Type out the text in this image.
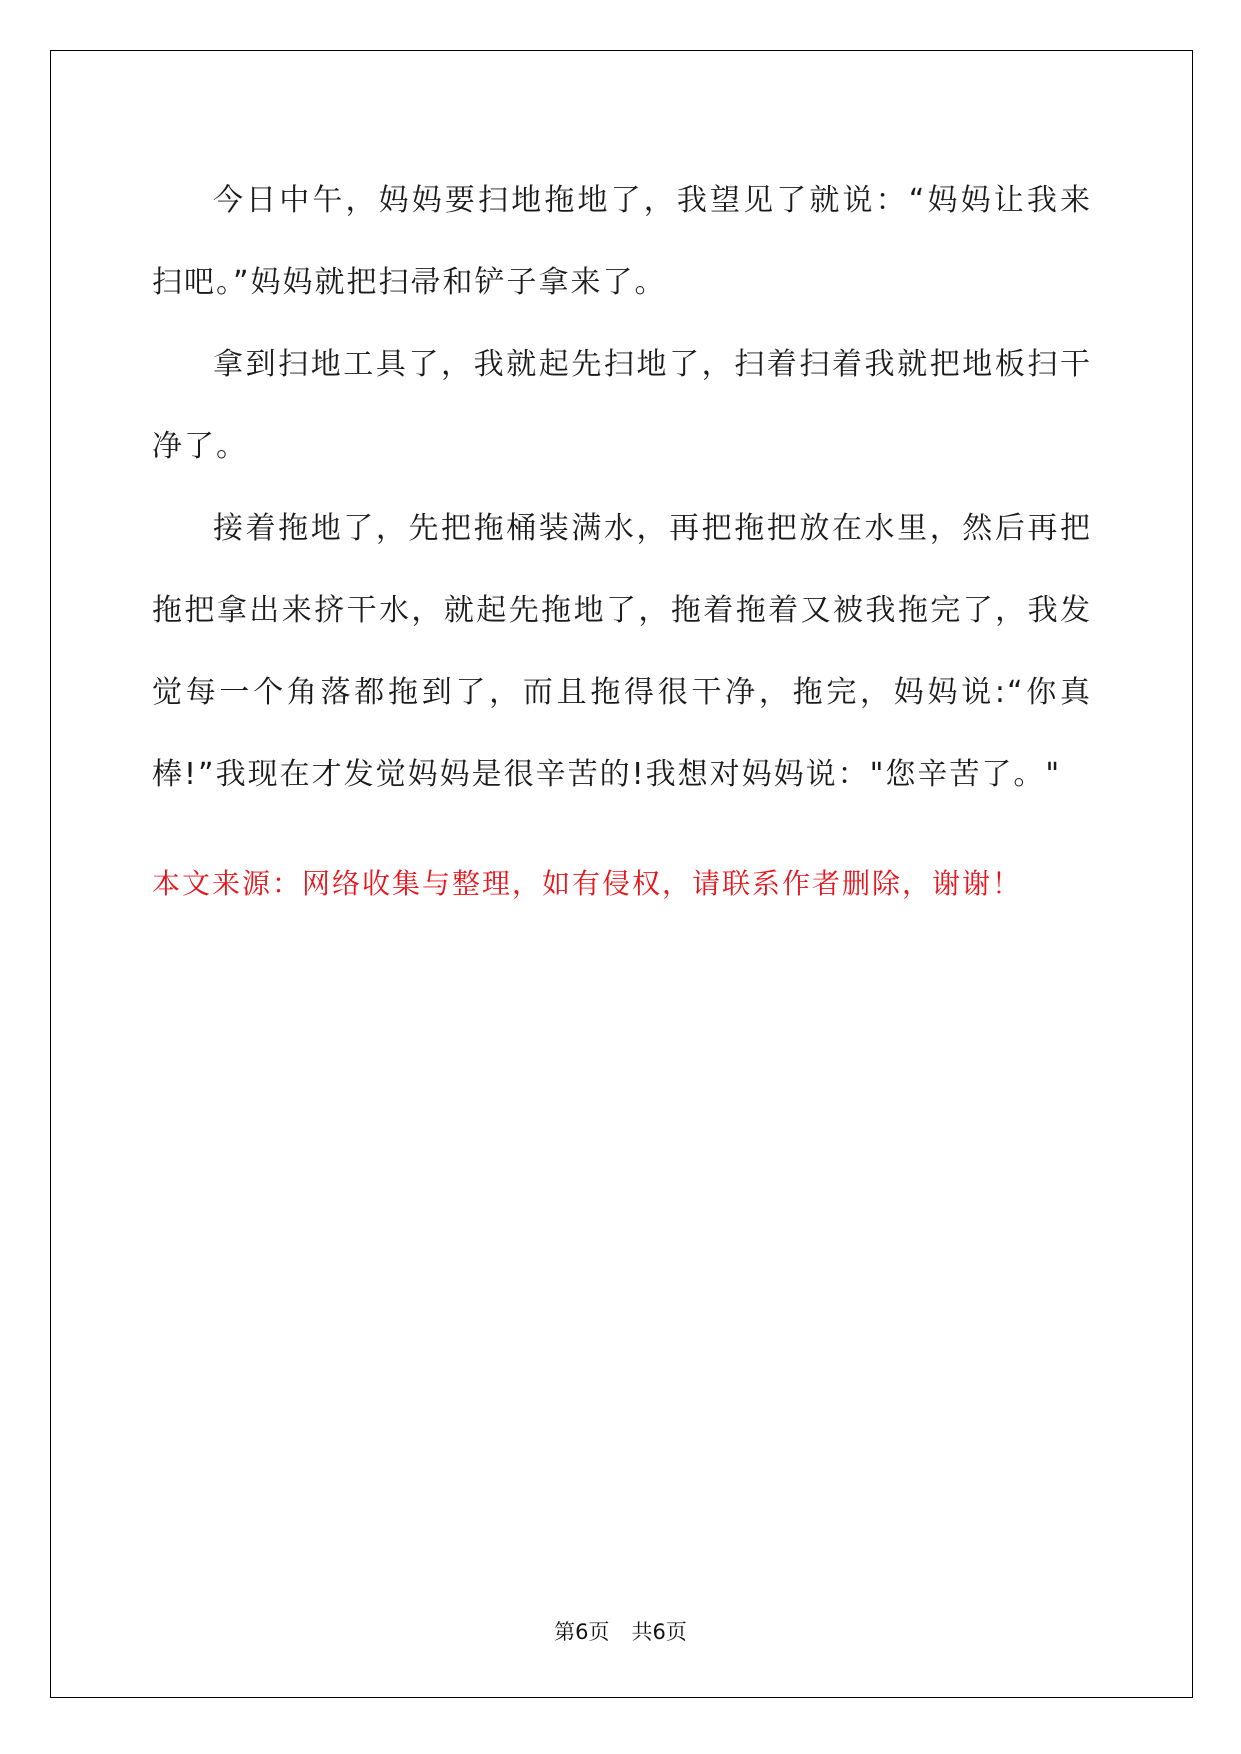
今日中午，妈妈要扫地拖地了，我望见了就说：“妈妈让我来扫吧。”妈妈就把扫帚和铲子拿来了。

拿到扫地工具了，我就起先扫地了，扫着扫着我就把地板扫干净了。

接着拖地了，先把拖桶装满水，再把拖把放在水里，然后再把拖把拿出来挤干水，就起先拖地了，拖着拖着又被我拖完了，我发觉每一个角落都拖到了，而且拖得很干净，拖完，妈妈说:“你真棒!”我现在才发觉妈妈是很辛苦的!我想对妈妈说："您辛苦了。"

本文来源：网络收集与整理，如有侵权，请联系作者删除，谢谢！

第6页 共6页
